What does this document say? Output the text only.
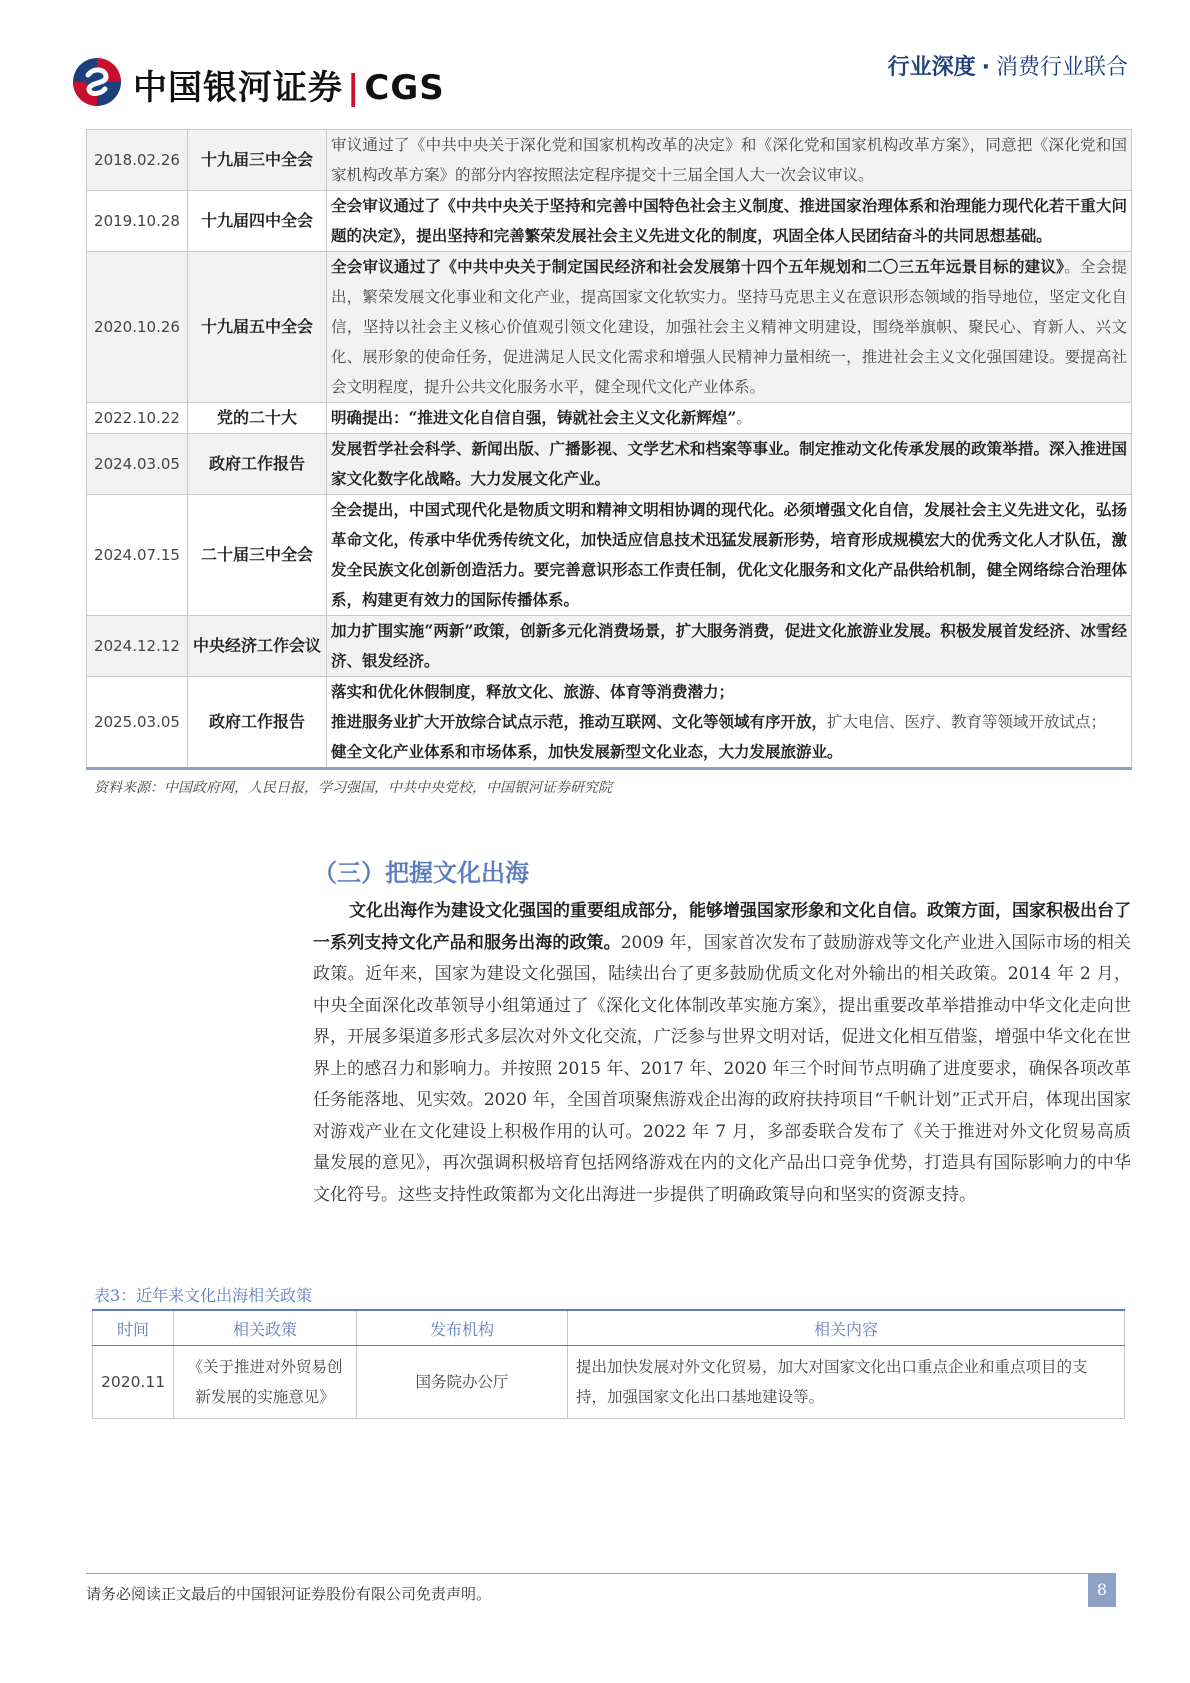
中国银河证券 | CGS
行业深度 · 消费行业联合
2018.02.26	十九届三中全会	审议通过了《中共中央关于深化党和国家机构改革的决定》和《深化党和国家机构改革方案》，同意把《深化党和国家机构改革方案》的部分内容按照法定程序提交十三届全国人大一次会议审议。
2019.10.28	十九届四中全会	全会审议通过了《中共中央关于坚持和完善中国特色社会主义制度、推进国家治理体系和治理能力现代化若干重大问题的决定》，提出坚持和完善繁荣发展社会主义先进文化的制度，巩固全体人民团结奋斗的共同思想基础。
2020.10.26	十九届五中全会	全会审议通过了《中共中央关于制定国民经济和社会发展第十四个五年规划和二〇三五年远景目标的建议》。全会提出，繁荣发展文化事业和文化产业，提高国家文化软实力。坚持马克思主义在意识形态领域的指导地位，坚定文化自信，坚持以社会主义核心价值观引领文化建设，加强社会主义精神文明建设，围绕举旗帜、聚民心、育新人、兴文化、展形象的使命任务，促进满足人民文化需求和增强人民精神力量相统一，推进社会主义文化强国建设。要提高社会文明程度，提升公共文化服务水平，健全现代文化产业体系。
2022.10.22	党的二十大	明确提出：“推进文化自信自强，铸就社会主义文化新辉煌”。
2024.03.05	政府工作报告	发展哲学社会科学、新闻出版、广播影视、文学艺术和档案等事业。制定推动文化传承发展的政策举措。深入推进国家文化数字化战略。大力发展文化产业。
2024.07.15	二十届三中全会	全会提出，中国式现代化是物质文明和精神文明相协调的现代化。必须增强文化自信，发展社会主义先进文化，弘扬革命文化，传承中华优秀传统文化，加快适应信息技术迅猛发展新形势，培育形成规模宏大的优秀文化人才队伍，激发全民族文化创新创造活力。要完善意识形态工作责任制，优化文化服务和文化产品供给机制，健全网络综合治理体系，构建更有效力的国际传播体系。
2024.12.12	中央经济工作会议	加力扩围实施“两新”政策，创新多元化消费场景，扩大服务消费，促进文化旅游业发展。积极发展首发经济、冰雪经济、银发经济。
2025.03.05	政府工作报告	落实和优化休假制度，释放文化、旅游、体育等消费潜力；
推进服务业扩大开放综合试点示范，推动互联网、文化等领域有序开放，扩大电信、医疗、教育等领域开放试点；
健全文化产业体系和市场体系，加快发展新型文化业态，大力发展旅游业。
资料来源：中国政府网，人民日报，学习强国，中共中央党校，中国银河证券研究院
（三）把握文化出海
文化出海作为建设文化强国的重要组成部分，能够增强国家形象和文化自信。政策方面，国家积极出台了一系列支持文化产品和服务出海的政策。2009 年，国家首次发布了鼓励游戏等文化产业进入国际市场的相关政策。近年来，国家为建设文化强国，陆续出台了更多鼓励优质文化对外输出的相关政策。2014 年 2 月，中央全面深化改革领导小组第通过了《深化文化体制改革实施方案》，提出重要改革举措推动中华文化走向世界，开展多渠道多形式多层次对外文化交流，广泛参与世界文明对话，促进文化相互借鉴，增强中华文化在世界上的感召力和影响力。并按照 2015 年、2017 年、2020 年三个时间节点明确了进度要求，确保各项改革任务能落地、见实效。2020 年，全国首项聚焦游戏企出海的政府扶持项目“千帆计划”正式开启，体现出国家对游戏产业在文化建设上积极作用的认可。2022 年 7 月，多部委联合发布了《关于推进对外文化贸易高质量发展的意见》，再次强调积极培育包括网络游戏在内的文化产品出口竞争优势，打造具有国际影响力的中华文化符号。这些支持性政策都为文化出海进一步提供了明确政策导向和坚实的资源支持。
表3：近年来文化出海相关政策
时间	相关政策	发布机构	相关内容
2020.11	《关于推进对外贸易创新发展的实施意见》	国务院办公厅	提出加快发展对外文化贸易，加大对国家文化出口重点企业和重点项目的支持，加强国家文化出口基地建设等。
请务必阅读正文最后的中国银河证券股份有限公司免责声明。	8
